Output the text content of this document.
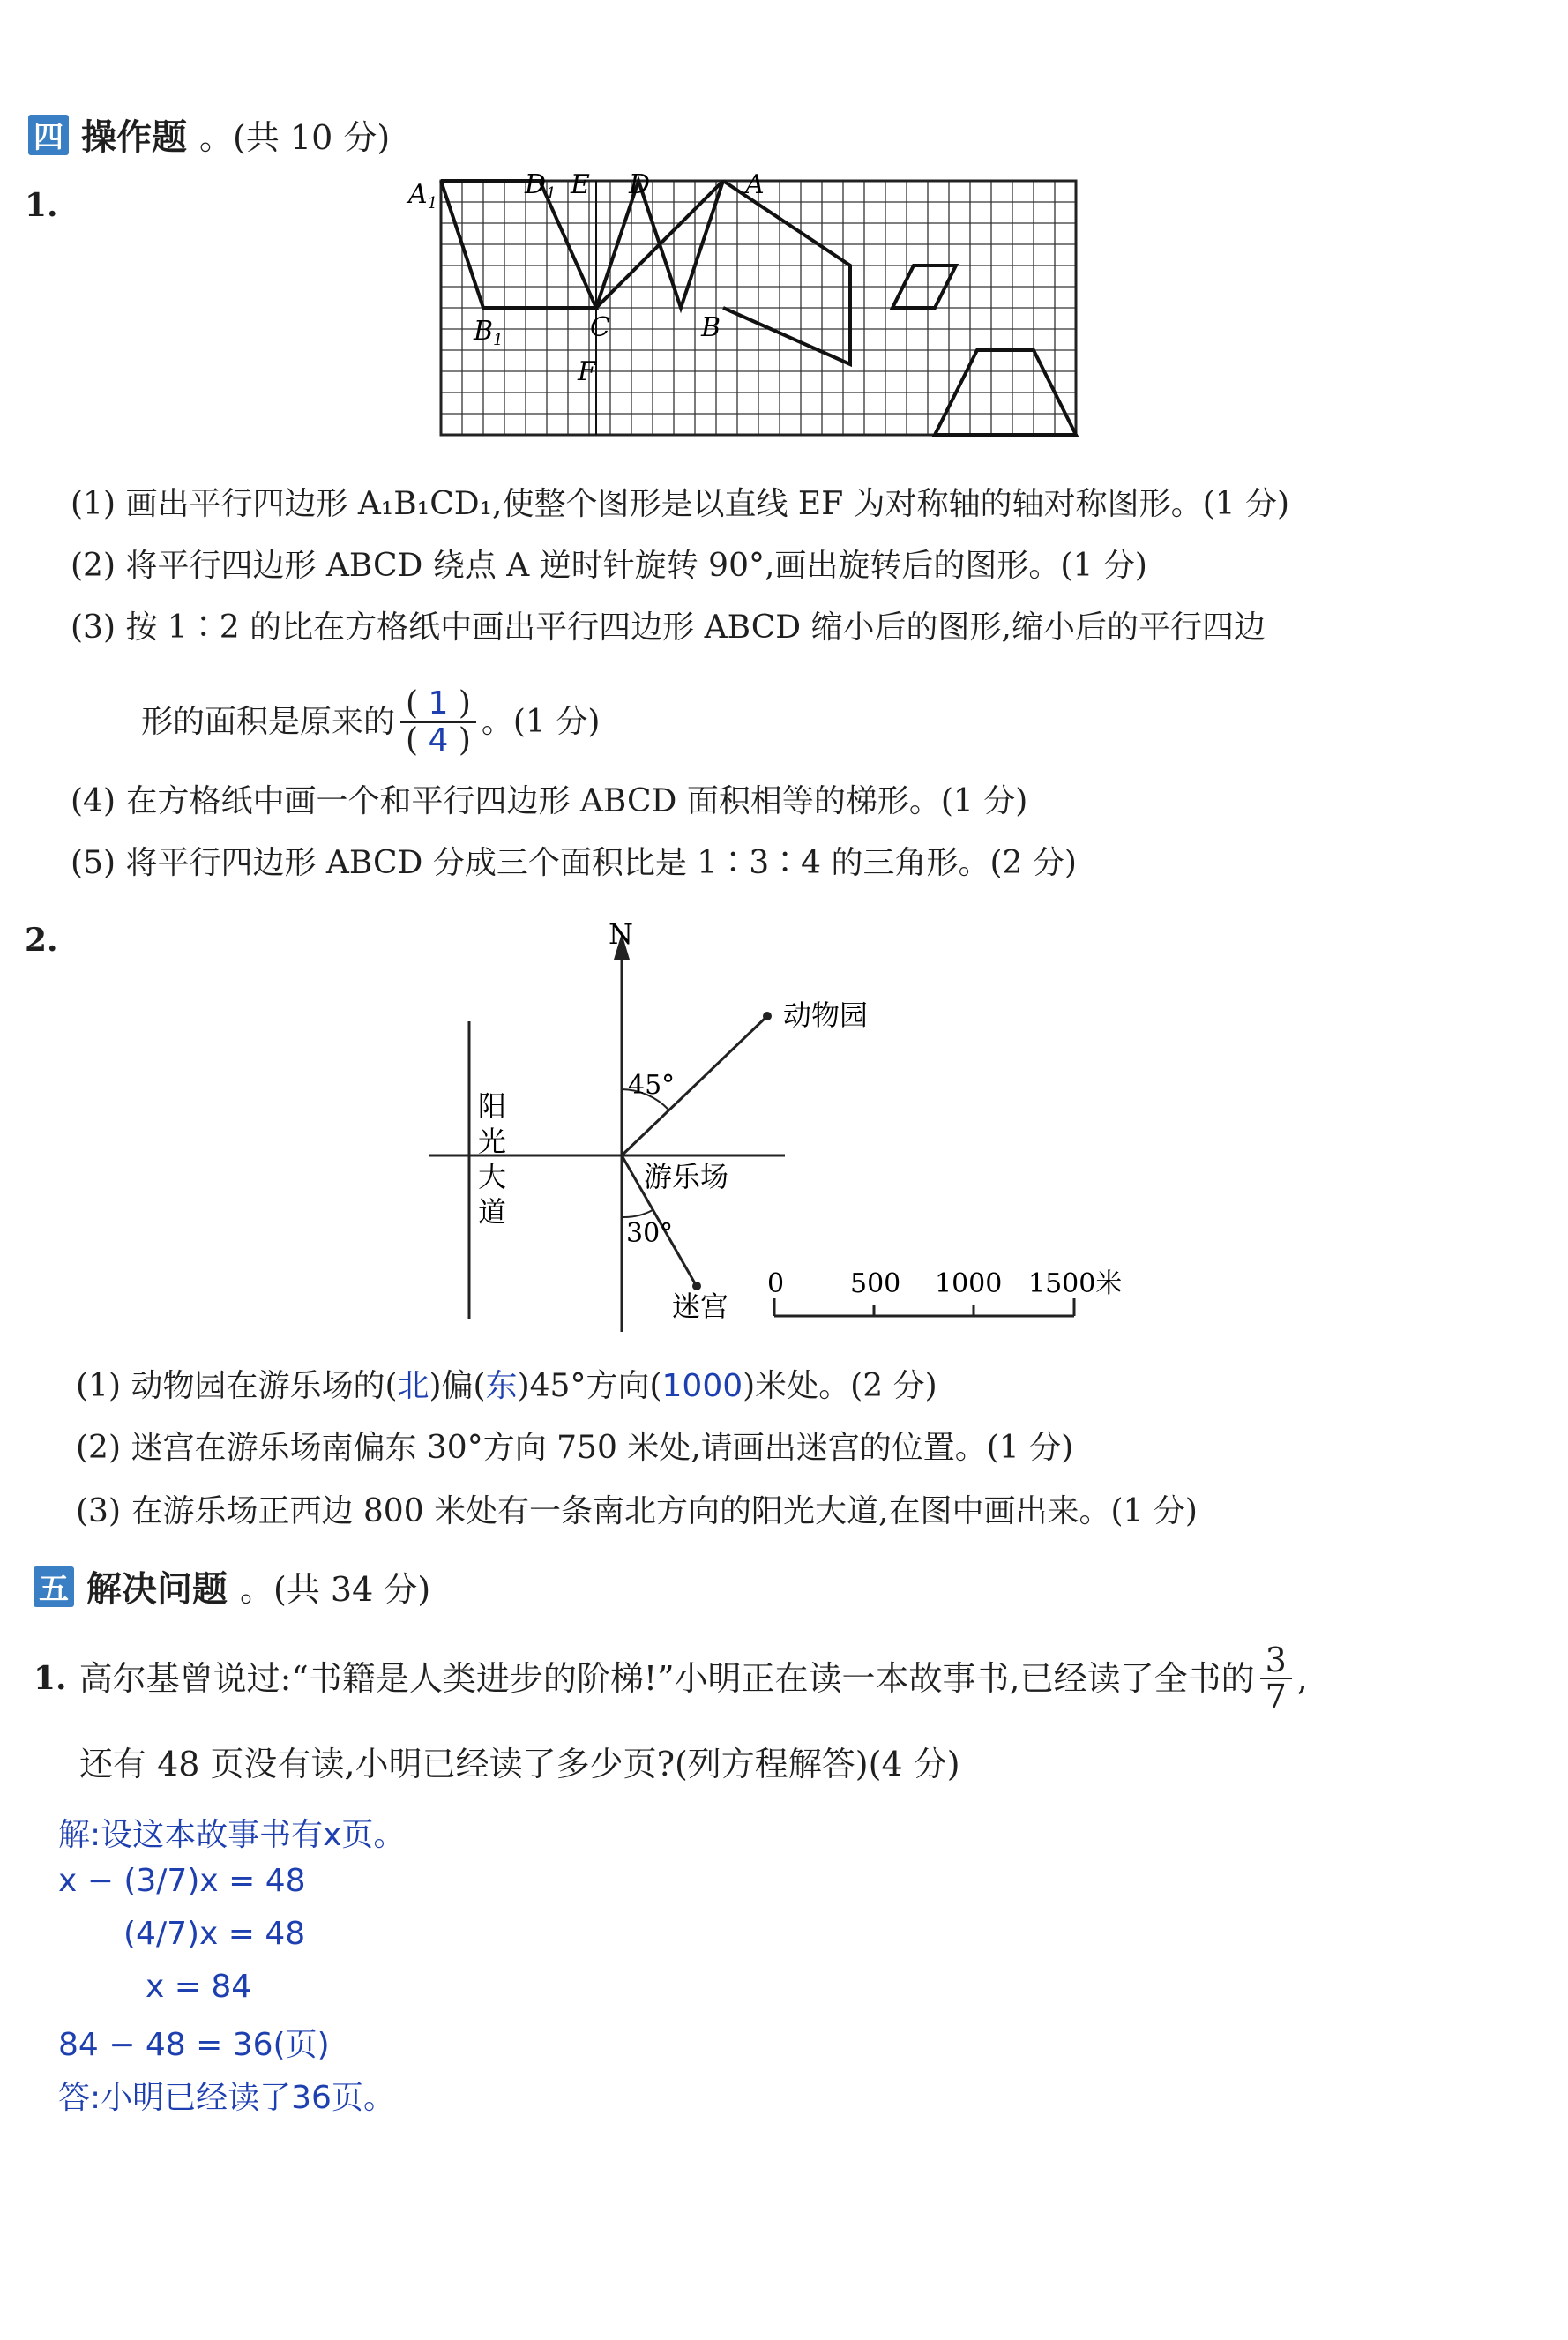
四 操作题 。(共 10 分)
1.	$A_1$
$D_1$ E D	A
$B_1$	C	B
F
(1) 画出平行四边形 A₁B₁CD₁,使整个图形是以直线 EF 为对称轴的轴对称图形。(1 分)
(2) 将平行四边形 ABCD 绕点 A 逆时针旋转 90°,画出旋转后的图形。(1 分)
(3) 按 1∶2 的比在方格纸中画出平行四边形 ABCD 缩小后的图形,缩小后的平行四边
形的面积是原来的 $\frac{( 1 )}{( 4 )}$ 。(1 分)
(4) 在方格纸中画一个和平行四边形 ABCD 面积相等的梯形。(1 分)
(5) 将平行四边形 ABCD 分成三个面积比是 1∶3∶4 的三角形。(2 分)
2.	N
阳
光
大
道
动物园
45°
游乐场
30°
迷宫
0 500 1000 1500米
(1) 动物园在游乐场的(北)偏(东)45°方向(1000)米处。(2 分)
(2) 迷宫在游乐场南偏东 30°方向 750 米处,请画出迷宫的位置。(1 分)
(3) 在游乐场正西边 800 米处有一条南北方向的阳光大道,在图中画出来。(1 分)
五 解决问题 。(共 34 分)
1. 高尔基曾说过:“书籍是人类进步的阶梯!”小明正在读一本故事书,已经读了全书的 $\frac{3}{7}$ ,
还有 48 页没有读,小明已经读了多少页?(列方程解答)(4 分)
解:设这本故事书有x页。
x − (3/7)x = 48
(4/7)x = 48
x = 84
84 − 48 = 36(页)
答:小明已经读了36页。
